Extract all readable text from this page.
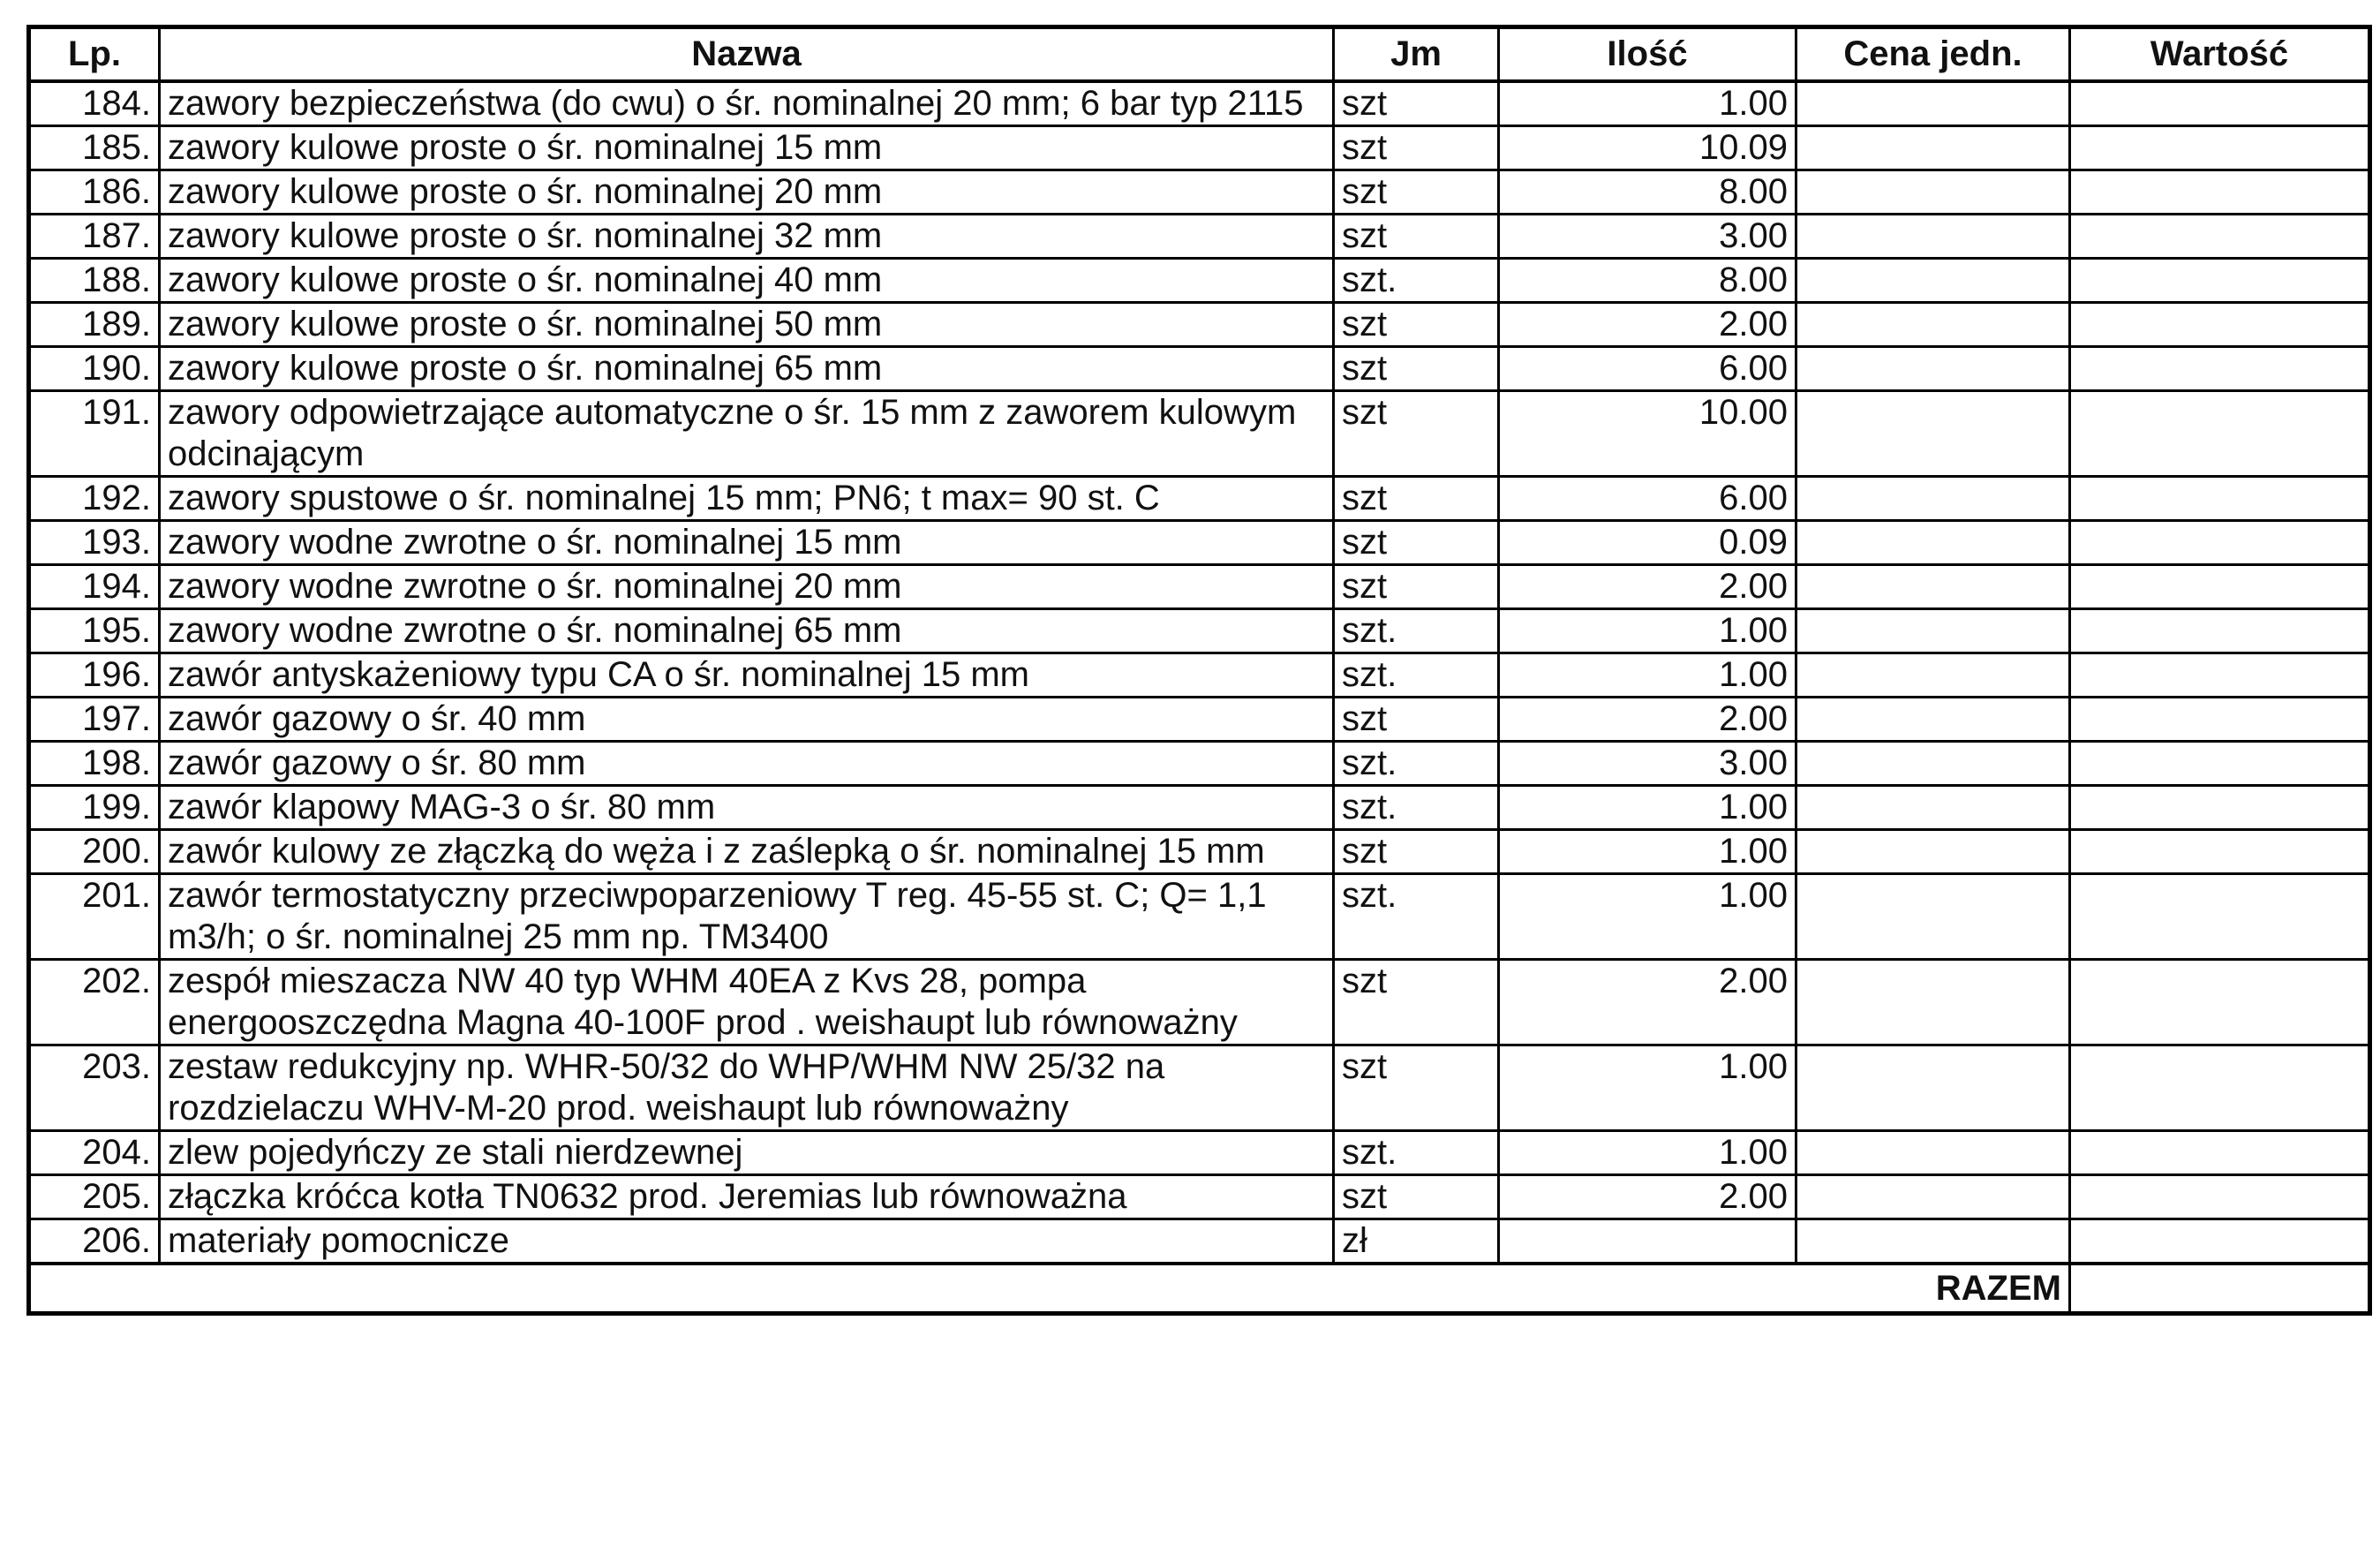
Lp.	Nazwa	Jm	Ilość	Cena jedn.	Wartość
184.	zawory bezpieczeństwa (do cwu) o śr. nominalnej 20 mm; 6 bar typ 2115	szt	1.00		
185.	zawory kulowe proste o śr. nominalnej 15 mm	szt	10.09		
186.	zawory kulowe proste o śr. nominalnej 20 mm	szt	8.00		
187.	zawory kulowe proste o śr. nominalnej 32 mm	szt	3.00		
188.	zawory kulowe proste o śr. nominalnej 40 mm	szt.	8.00		
189.	zawory kulowe proste o śr. nominalnej 50 mm	szt	2.00		
190.	zawory kulowe proste o śr. nominalnej 65 mm	szt	6.00		
191.	zawory odpowietrzające automatyczne o śr. 15 mm z zaworem kulowym odcinającym	szt	10.00		
192.	zawory spustowe o śr. nominalnej 15 mm; PN6; t max= 90 st. C	szt	6.00		
193.	zawory wodne zwrotne o śr. nominalnej 15 mm	szt	0.09		
194.	zawory wodne zwrotne o śr. nominalnej 20 mm	szt	2.00		
195.	zawory wodne zwrotne o śr. nominalnej 65 mm	szt.	1.00		
196.	zawór antyskażeniowy typu CA o śr. nominalnej 15 mm	szt.	1.00		
197.	zawór gazowy o śr. 40 mm	szt	2.00		
198.	zawór gazowy o śr. 80 mm	szt.	3.00		
199.	zawór klapowy MAG-3 o śr. 80 mm	szt.	1.00		
200.	zawór kulowy ze złączką do węża i z zaślepką o śr. nominalnej 15 mm	szt	1.00		
201.	zawór termostatyczny przeciwpoparzeniowy T reg. 45-55 st. C; Q= 1,1 m3/h; o śr. nominalnej 25 mm np. TM3400	szt.	1.00		
202.	zespół mieszacza NW 40 typ WHM 40EA z Kvs 28, pompa energooszczędna Magna 40-100F prod . weishaupt lub równoważny	szt	2.00		
203.	zestaw redukcyjny np. WHR-50/32 do WHP/WHM NW 25/32 na rozdzielaczu WHV-M-20 prod. weishaupt lub równoważny	szt	1.00		
204.	zlew pojedyńczy ze stali nierdzewnej	szt.	1.00		
205.	złączka króćca kotła TN0632 prod. Jeremias lub równoważna	szt	2.00		
206.	materiały pomocnicze	zł			
RAZEM					
